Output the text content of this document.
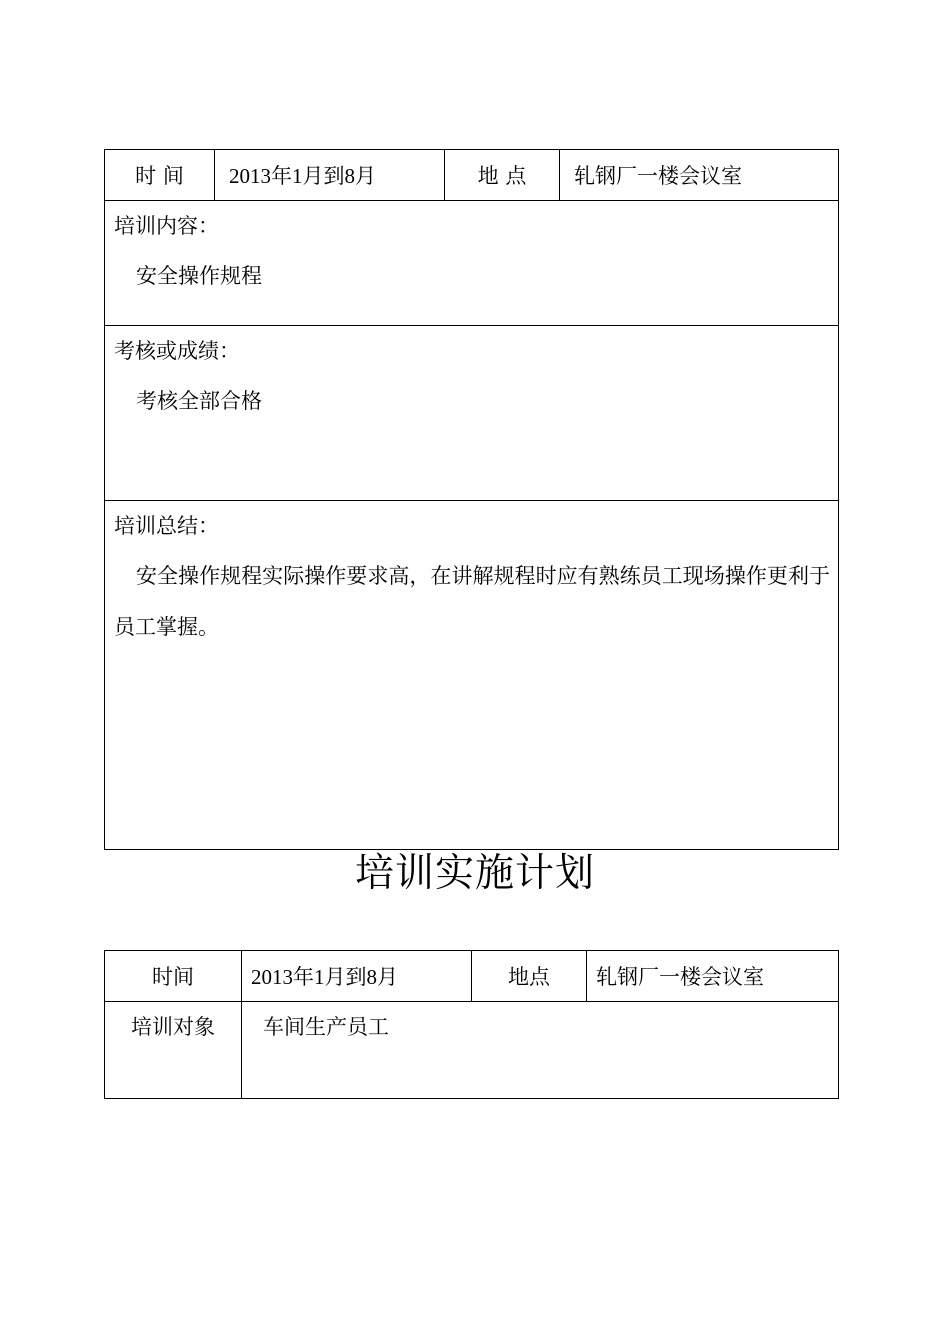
时 间	2013年1月到8月	地 点	轧钢厂一楼会议室

培训内容：
安全操作规程

考核或成绩：
考核全部合格

培训总结：
安全操作规程实际操作要求高，在讲解规程时应有熟练员工现场操作更利于员工掌握。
培训实施计划
时间	2013年1月到8月	地点	轧钢厂一楼会议室
培训对象	车间生产员工		
